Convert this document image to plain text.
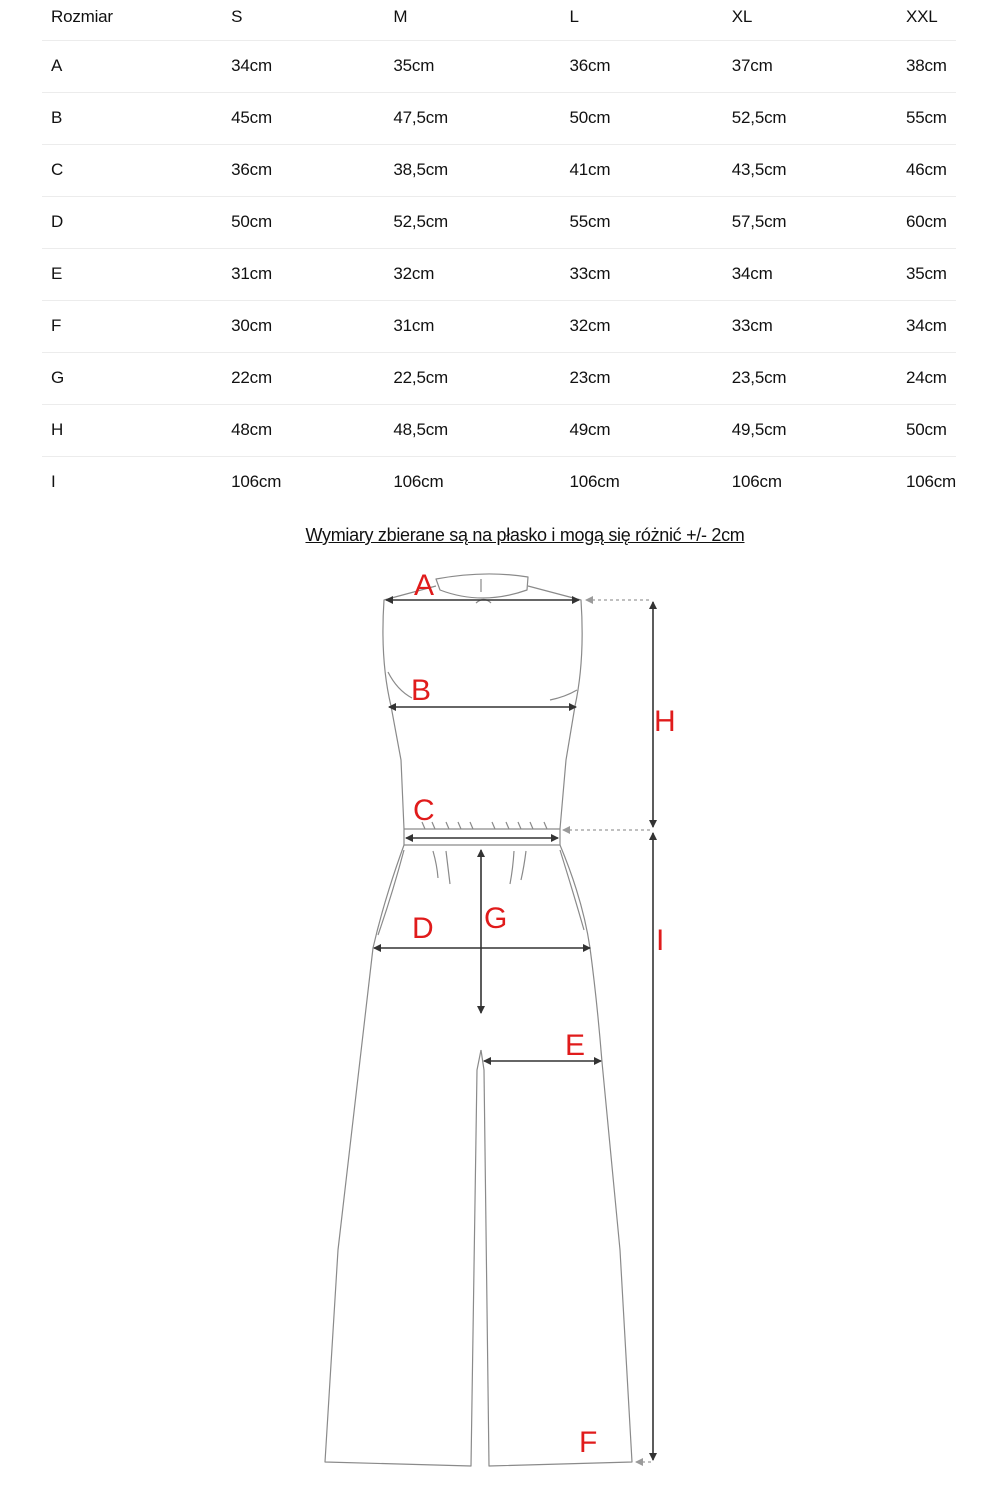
Rozmiar	S	M	L	XL	XXL
A	34cm	35cm	36cm	37cm	38cm
B	45cm	47,5cm	50cm	52,5cm	55cm
C	36cm	38,5cm	41cm	43,5cm	46cm
D	50cm	52,5cm	55cm	57,5cm	60cm
E	31cm	32cm	33cm	34cm	35cm
F	30cm	31cm	32cm	33cm	34cm
G	22cm	22,5cm	23cm	23,5cm	24cm
H	48cm	48,5cm	49cm	49,5cm	50cm
I	106cm	106cm	106cm	106cm	106cm
Wymiary zbierane są na płasko i mogą się różnić +/- 2cm
A
B
C
D G
E
F
H
I
